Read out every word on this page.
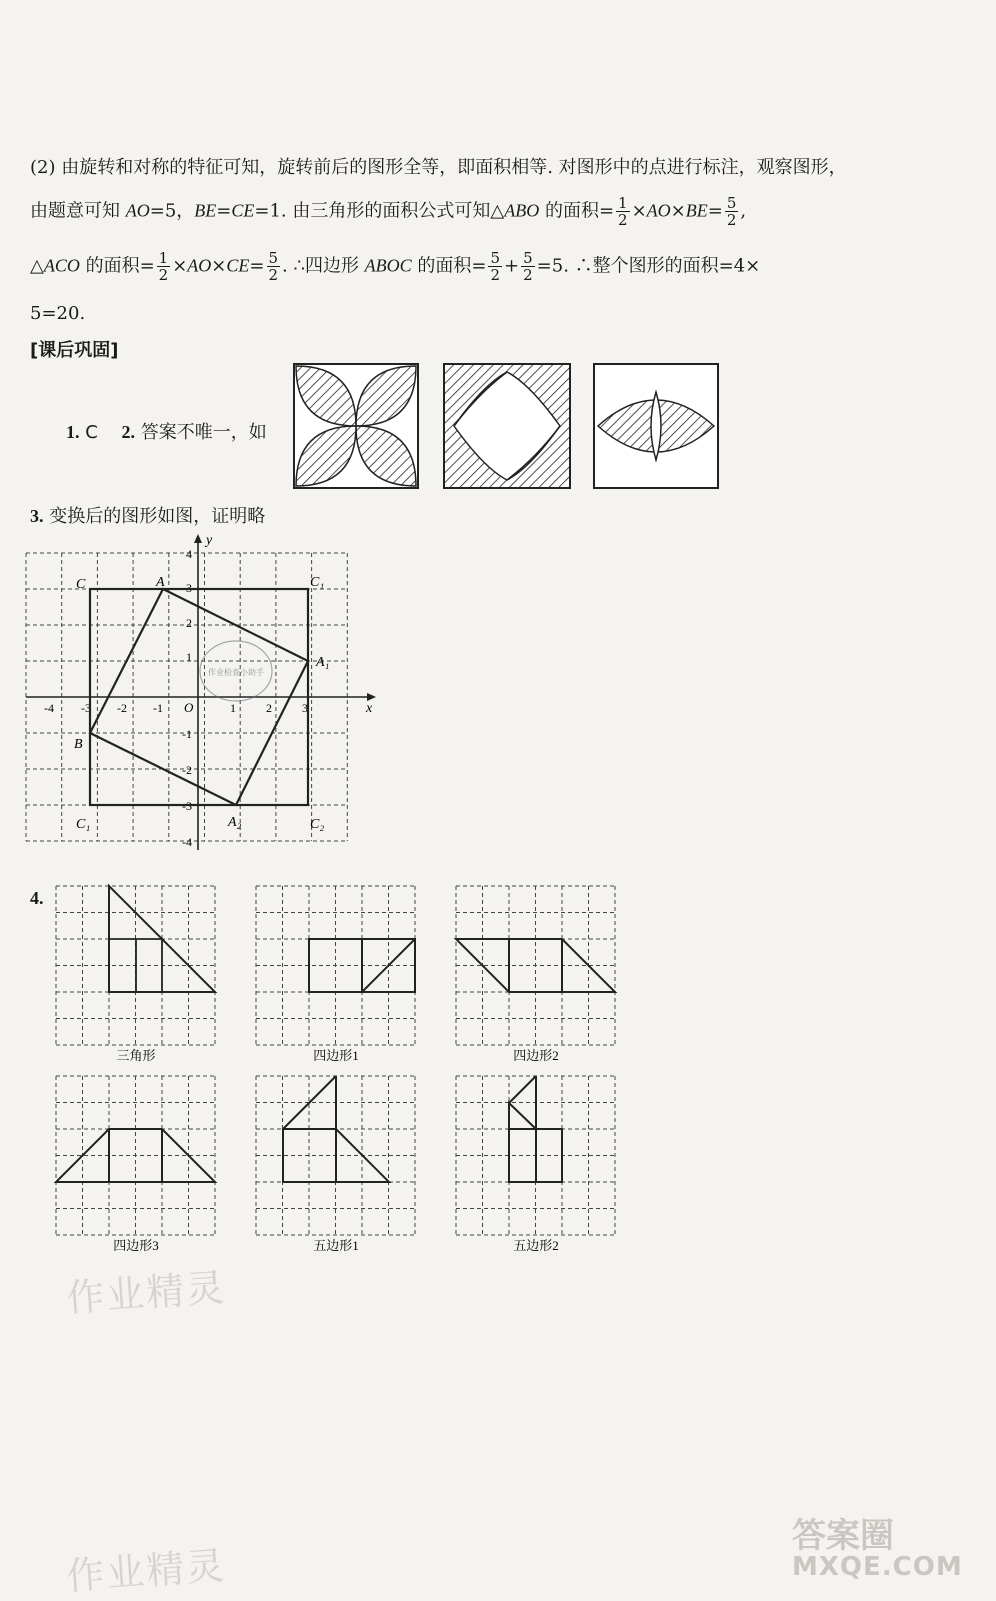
(2) 由旋转和对称的特征可知，旋转前后的图形全等，即面积相等. 对图形中的点进行标注，观察图形，
由题意可知 AO=5，BE=CE=1. 由三角形的面积公式可知△ABO 的面积= $\frac{1}{2} \times AO\times BE= \frac{5}{2}$ ,
△ACO 的面积= $\frac{1}{2} \times AO\times CE= \frac{5}{2}$ . ∴四边形 ABOC 的面积= $\frac{5}{2} + \frac{5}{2} =5$. ∴整个图形的面积=4×
5=20.
[课后巩固]
1. C 2. 答案不唯一，如
3. 变换后的图形如图，证明略
x
y
O
-4 -3 -2 -1	1	2	3
4
3
2
1
-1
-2
-3
-4
C	A	C₁
A₁
B
C₁	A₂	C₂
作业检查小助手
4.
三角形	四边形1	四边形2
四边形3	五边形1	五边形2
作业精灵
作业精灵
答案圈
MXQE.COM
